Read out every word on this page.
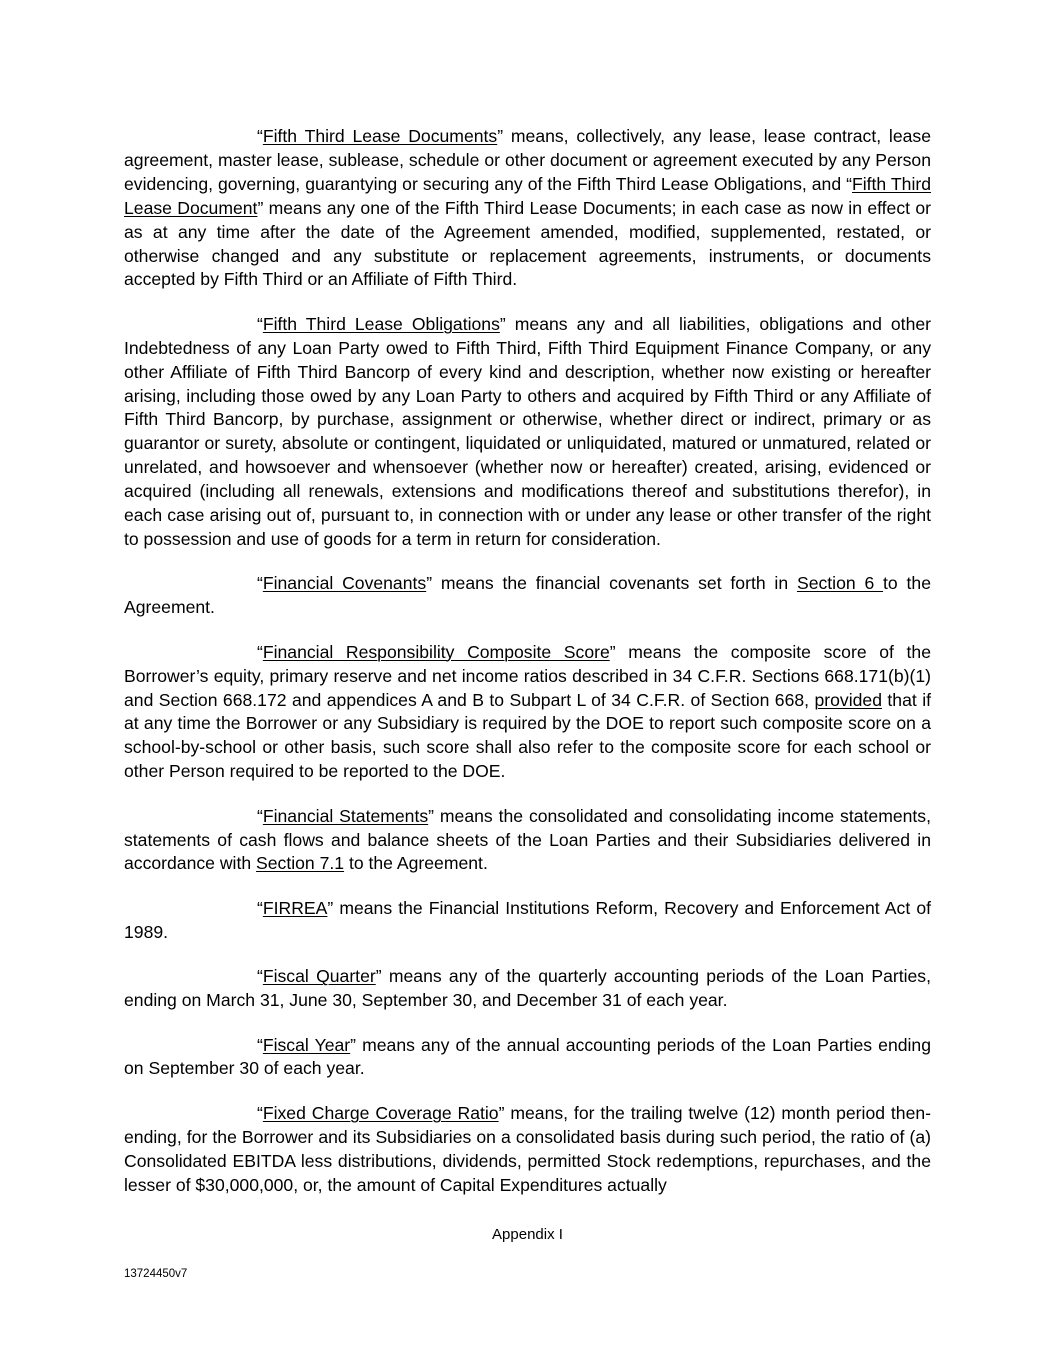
“Fifth Third Lease Documents” means, collectively, any lease, lease contract, lease agreement, master lease, sublease, schedule or other document or agreement executed by any Person evidencing, governing, guarantying or securing any of the Fifth Third Lease Obligations, and “Fifth Third Lease Document” means any one of the Fifth Third Lease Documents; in each case as now in effect or as at any time after the date of the Agreement amended, modified, supplemented, restated, or otherwise changed and any substitute or replacement agreements, instruments, or documents accepted by Fifth Third or an Affiliate of Fifth Third.

“Fifth Third Lease Obligations” means any and all liabilities, obligations and other Indebtedness of any Loan Party owed to Fifth Third, Fifth Third Equipment Finance Company, or any other Affiliate of Fifth Third Bancorp of every kind and description, whether now existing or hereafter arising, including those owed by any Loan Party to others and acquired by Fifth Third or any Affiliate of Fifth Third Bancorp, by purchase, assignment or otherwise, whether direct or indirect, primary or as guarantor or surety, absolute or contingent, liquidated or unliquidated, matured or unmatured, related or unrelated, and howsoever and whensoever (whether now or hereafter) created, arising, evidenced or acquired (including all renewals, extensions and modifications thereof and substitutions therefor), in each case arising out of, pursuant to, in connection with or under any lease or other transfer of the right to possession and use of goods for a term in return for consideration.

“Financial Covenants” means the financial covenants set forth in Section 6 to the Agreement.

“Financial Responsibility Composite Score” means the composite score of the Borrower’s equity, primary reserve and net income ratios described in 34 C.F.R. Sections 668.171(b)(1) and Section 668.172 and appendices A and B to Subpart L of 34 C.F.R. of Section 668, provided that if at any time the Borrower or any Subsidiary is required by the DOE to report such composite score on a school-by-school or other basis, such score shall also refer to the composite score for each school or other Person required to be reported to the DOE.

“Financial Statements” means the consolidated and consolidating income statements, statements of cash flows and balance sheets of the Loan Parties and their Subsidiaries delivered in accordance with Section 7.1 to the Agreement.

“FIRREA” means the Financial Institutions Reform, Recovery and Enforcement Act of 1989.

“Fiscal Quarter” means any of the quarterly accounting periods of the Loan Parties, ending on March 31, June 30, September 30, and December 31 of each year.

“Fiscal Year” means any of the annual accounting periods of the Loan Parties ending on September 30 of each year.

“Fixed Charge Coverage Ratio” means, for the trailing twelve (12) month period then-ending, for the Borrower and its Subsidiaries on a consolidated basis during such period, the ratio of (a) Consolidated EBITDA less distributions, dividends, permitted Stock redemptions, repurchases, and the lesser of $30,000,000, or, the amount of Capital Expenditures actually

Appendix I
13724450v7
